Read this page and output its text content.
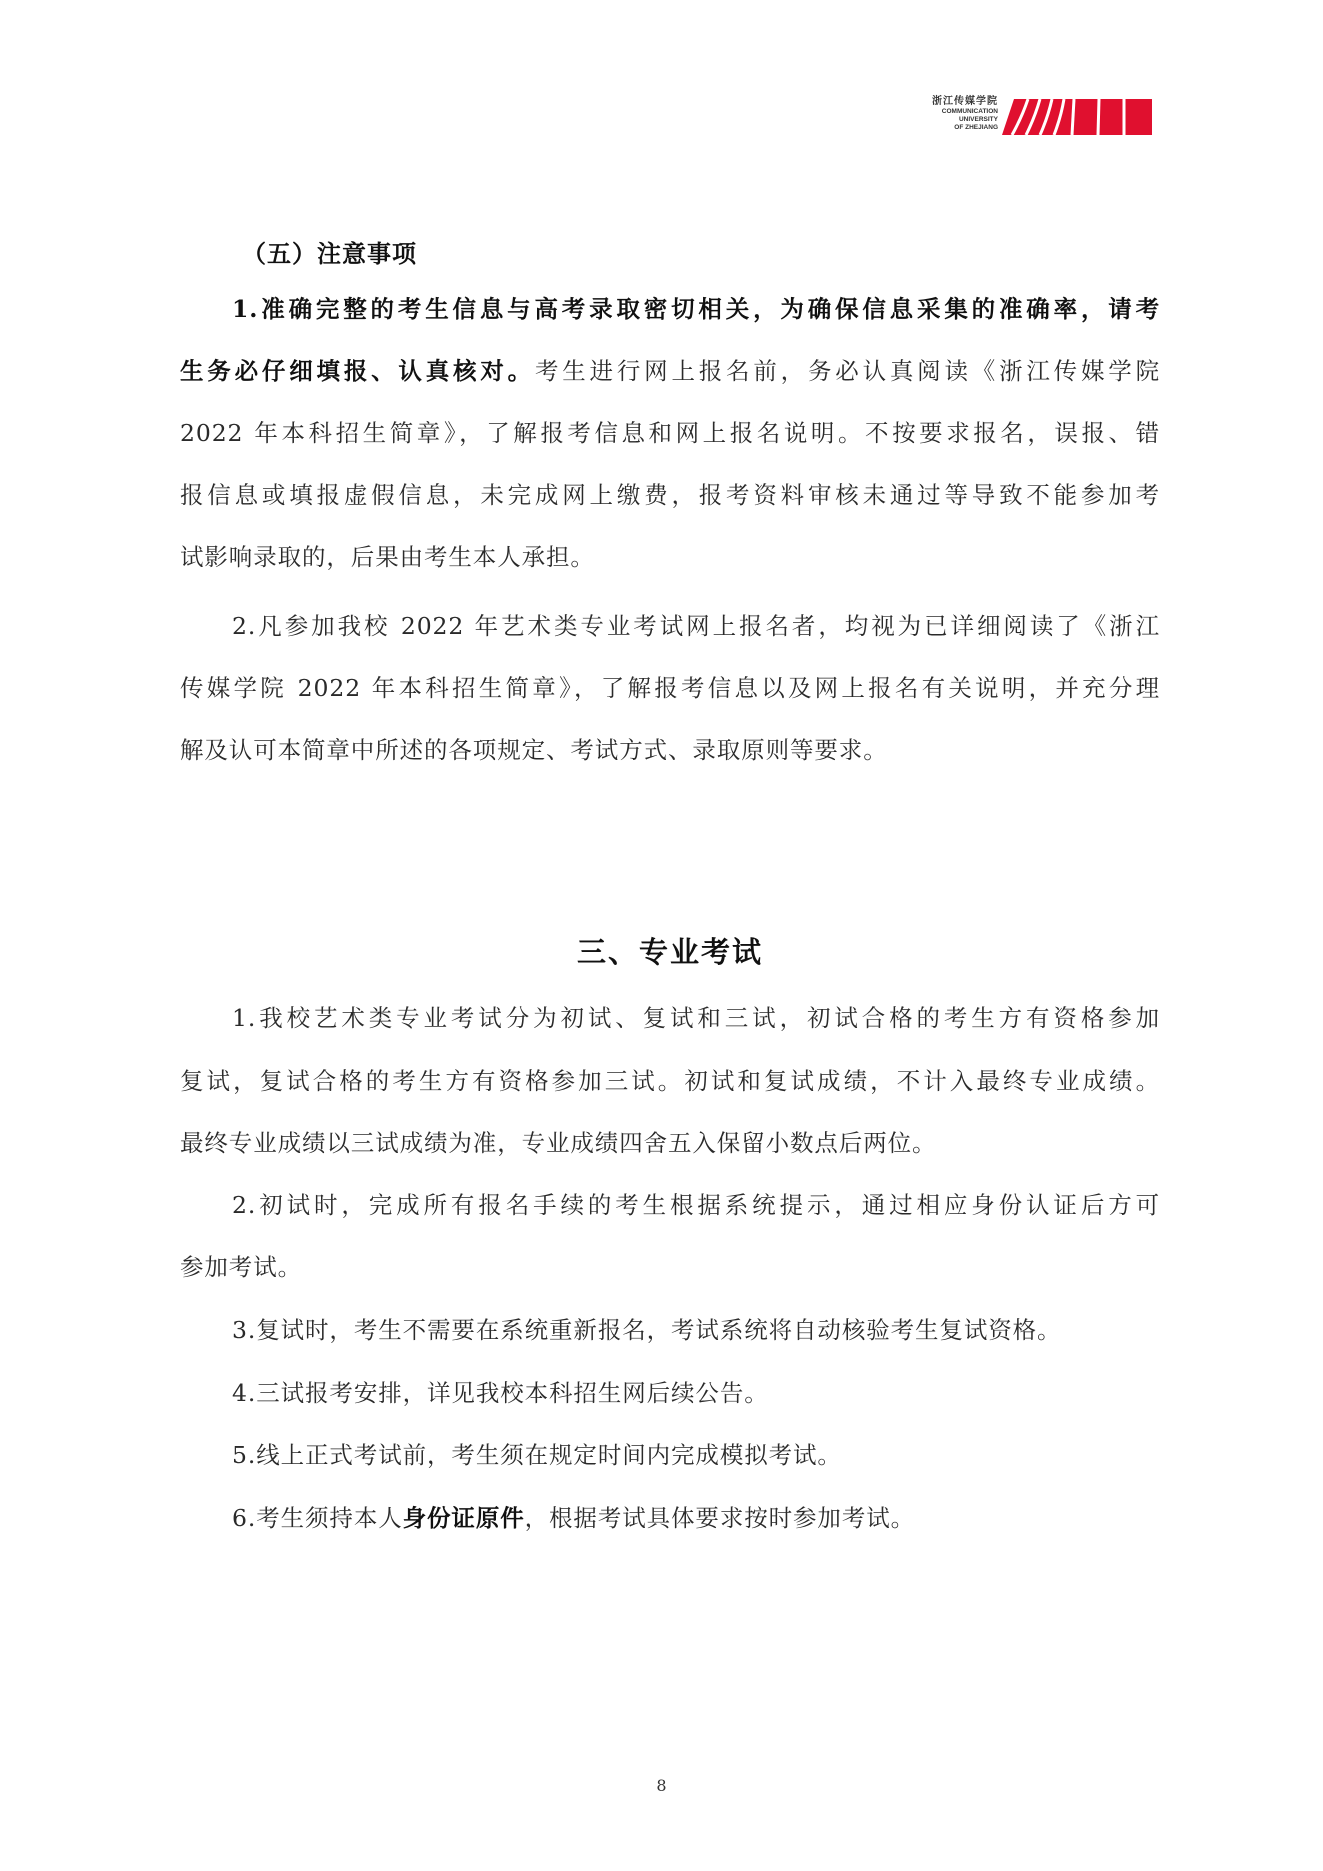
浙江传媒学院
COMMUNICATION
UNIVERSITY
OF ZHEJIANG
（五）注意事项
1.准确完整的考生信息与高考录取密切相关，为确保信息采集的准确率，请考
生务必仔细填报、认真核对。考生进行网上报名前，务必认真阅读《浙江传媒学院
2022 年本科招生简章》，了解报考信息和网上报名说明。不按要求报名，误报、错
报信息或填报虚假信息，未完成网上缴费，报考资料审核未通过等导致不能参加考
试影响录取的，后果由考生本人承担。
2.凡参加我校 2022 年艺术类专业考试网上报名者，均视为已详细阅读了《浙江
传媒学院 2022 年本科招生简章》，了解报考信息以及网上报名有关说明，并充分理
解及认可本简章中所述的各项规定、考试方式、录取原则等要求。
三、专业考试
1.我校艺术类专业考试分为初试、复试和三试，初试合格的考生方有资格参加
复试，复试合格的考生方有资格参加三试。初试和复试成绩，不计入最终专业成绩。
最终专业成绩以三试成绩为准，专业成绩四舍五入保留小数点后两位。
2.初试时，完成所有报名手续的考生根据系统提示，通过相应身份认证后方可
参加考试。
3.复试时，考生不需要在系统重新报名，考试系统将自动核验考生复试资格。
4.三试报考安排，详见我校本科招生网后续公告。
5.线上正式考试前，考生须在规定时间内完成模拟考试。
6.考生须持本人身份证原件，根据考试具体要求按时参加考试。
8
